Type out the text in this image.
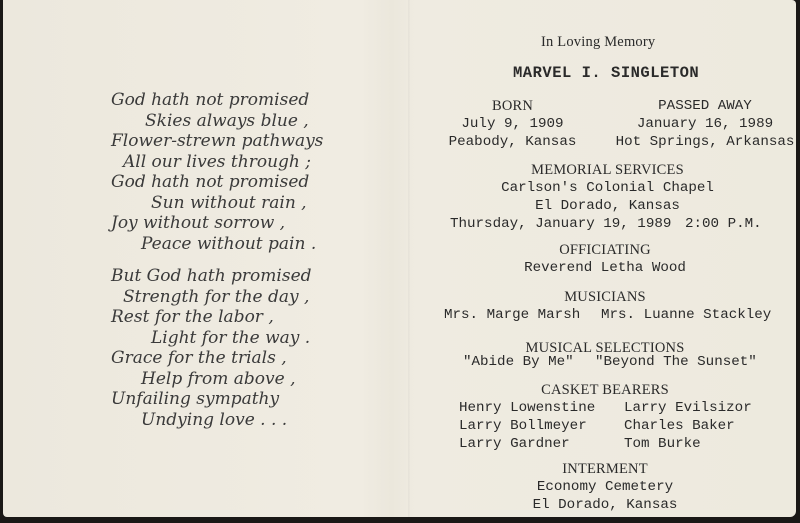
God hath not promised
Skies always blue ,
Flower-strewn pathways
All our lives through ;
God hath not promised
Sun without rain ,
Joy without sorrow ,
Peace without pain .
But God hath promised
Strength for the day ,
Rest for the labor ,
Light for the way .
Grace for the trials ,
Help from above ,
Unfailing sympathy
Undying love . . .
In Loving Memory
MARVEL I. SINGLETON
BORN
July 9, 1909
Peabody, Kansas
PASSED AWAY
January 16, 1989
Hot Springs, Arkansas
MEMORIAL SERVICES
Carlson's Colonial Chapel
El Dorado, Kansas
Thursday, January 19, 1989 2:00 P.M.
OFFICIATING
Reverend Letha Wood
MUSICIANS
Mrs. Marge Marsh Mrs. Luanne Stackley
MUSICAL SELECTIONS
"Abide By Me" "Beyond The Sunset"
CASKET BEARERS
Henry Lowenstine
Larry Bollmeyer
Larry Gardner
Larry Evilsizor
Charles Baker
Tom Burke
INTERMENT
Economy Cemetery
El Dorado, Kansas
